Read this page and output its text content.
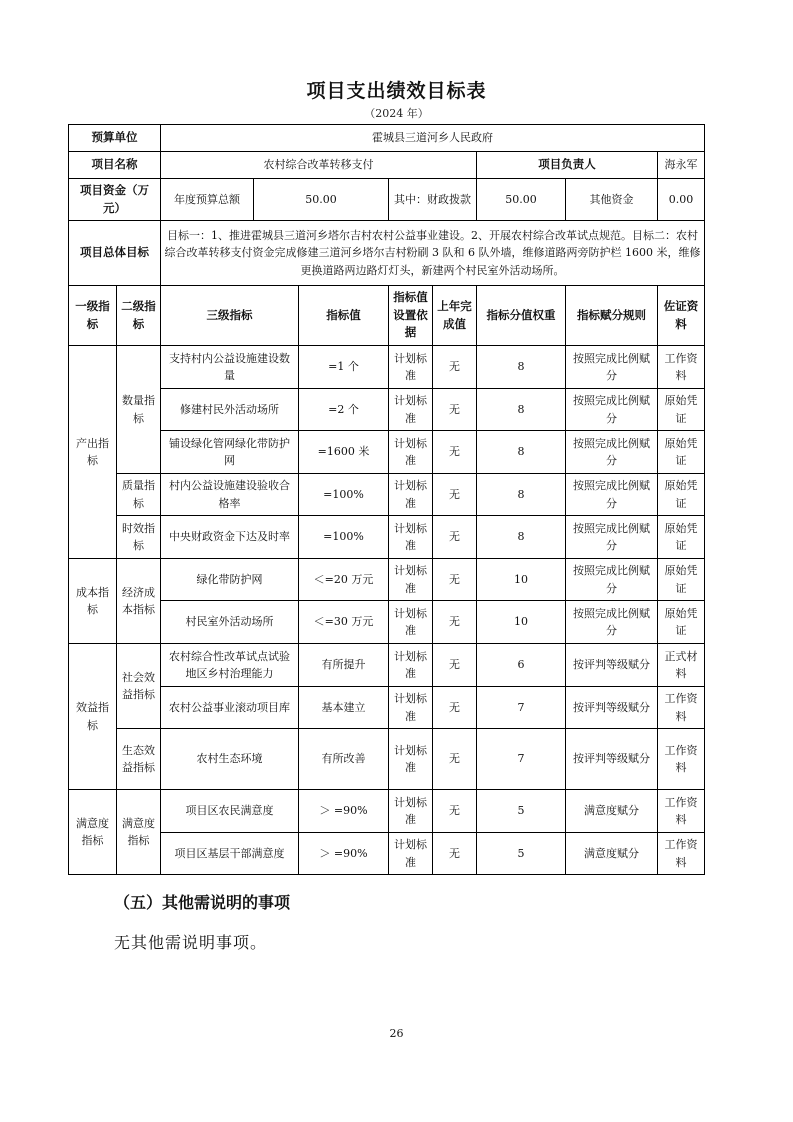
项目支出绩效目标表
（2024 年）
预算单位		霍城县三道河乡人民政府							
项目名称		农村综合改革转移支付					项目负责人		海永军
项目资金（万元）		年度预算总额	50.00		其中：财政拨款		50.00	其他资金	0.00
项目总体目标		目标一：1、推进霍城县三道河乡塔尔吉村农村公益事业建设。2、开展农村综合改革试点规范。目标二：农村综合改革转移支付资金完成修建三道河乡塔尔吉村粉刷 3 队和 6 队外墙，维修道路两旁防护栏 1600 米，维修更换道路两边路灯灯头，新建两个村民室外活动场所。							
一级指标	二级指标	三级指标		指标值	指标值设置依据	上年完成值	指标分值权重	指标赋分规则	佐证资料
产出指标	数量指标	支持村内公益设施建设数量		=1 个	计划标准	无	8	按照完成比例赋分	工作资料
		修建村民外活动场所		=2 个	计划标准	无	8	按照完成比例赋分	原始凭证
		铺设绿化管网绿化带防护网		=1600 米	计划标准	无	8	按照完成比例赋分	原始凭证
	质量指标	村内公益设施建设验收合格率		=100%	计划标准	无	8	按照完成比例赋分	原始凭证
	时效指标	中央财政资金下达及时率		=100%	计划标准	无	8	按照完成比例赋分	原始凭证
成本指标	经济成本指标	绿化带防护网		＜=20 万元	计划标准	无	10	按照完成比例赋分	原始凭证
		村民室外活动场所		＜=30 万元	计划标准	无	10	按照完成比例赋分	原始凭证
效益指标	社会效益指标	农村综合性改革试点试验地区乡村治理能力		有所提升	计划标准	无	6	按评判等级赋分	正式材料
		农村公益事业滚动项目库		基本建立	计划标准	无	7	按评判等级赋分	工作资料
	生态效益指标	农村生态环境		有所改善	计划标准	无	7	按评判等级赋分	工作资料
满意度指标	满意度指标	项目区农民满意度		＞ =90%	计划标准	无	5	满意度赋分	工作资料
		项目区基层干部满意度		＞ =90%	计划标准	无	5	满意度赋分	工作资料
（五）其他需说明的事项
无其他需说明事项。
26
